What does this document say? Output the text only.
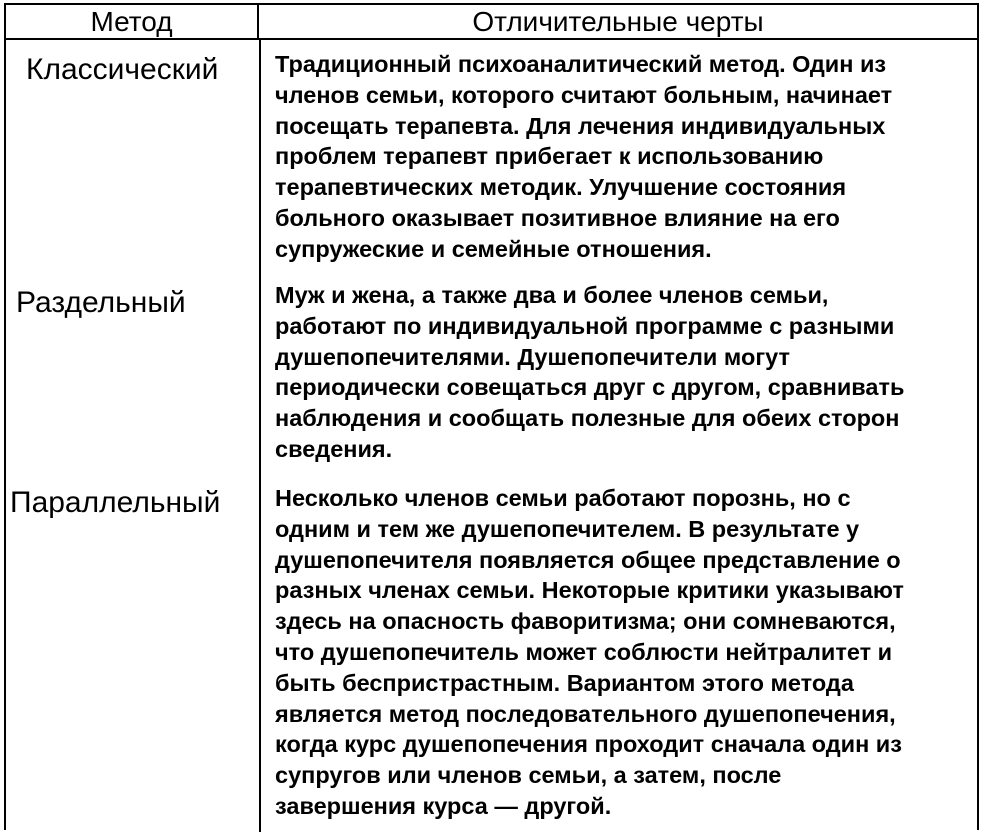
Метод	Отличительные черты
Классический	Традиционный психоаналитический метод. Один из
членов семьи, которого считают больным, начинает
посещать терапевта. Для лечения индивидуальных
проблем терапевт прибегает к использованию
терапевтических методик. Улучшение состояния
больного оказывает позитивное влияние на его
супружеские и семейные отношения.
Раздельный	Муж и жена, а также два и более членов семьи,
работают по индивидуальной программе с разными
душепопечителями. Душепопечители могут
периодически совещаться друг с другом, сравнивать
наблюдения и сообщать полезные для обеих сторон
сведения.
Параллельный	Несколько членов семьи работают порознь, но с
одним и тем же душепопечителем. В результате у
душепопечителя появляется общее представление о
разных членах семьи. Некоторые критики указывают
здесь на опасность фаворитизма; они сомневаются,
что душепопечитель может соблюсти нейтралитет и
быть беспристрастным. Вариантом этого метода
является метод последовательного душепопечения,
когда курс душепопечения проходит сначала один из
супругов или членов семьи, а затем, после
завершения курса — другой.
